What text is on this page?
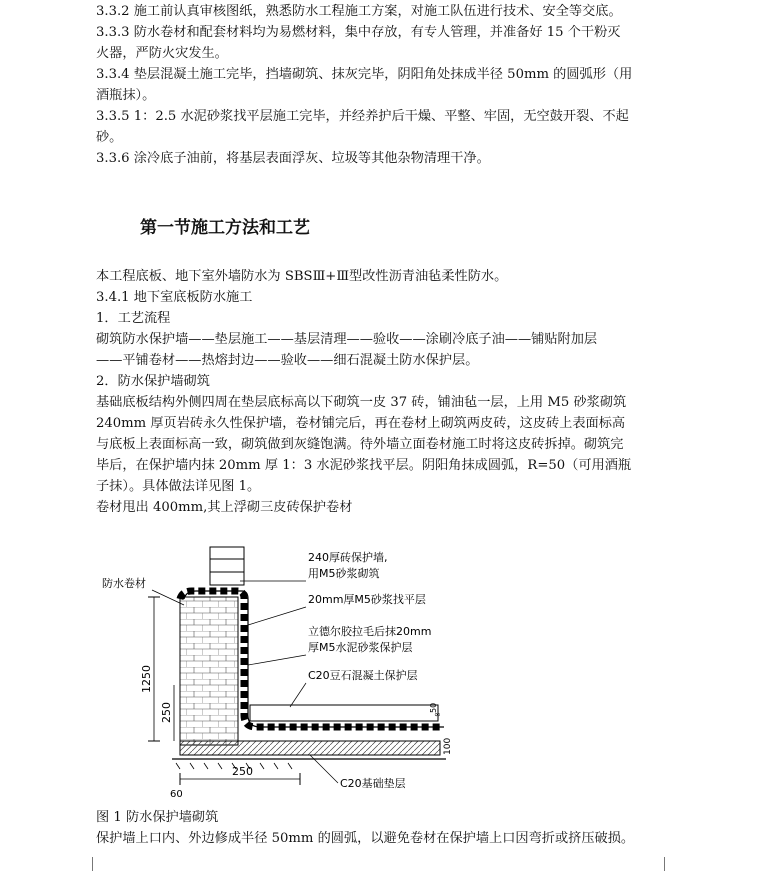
3.3.2 施工前认真审核图纸，熟悉防水工程施工方案，对施工队伍进行技术、安全等交底。
3.3.3 防水卷材和配套材料均为易燃材料，集中存放，有专人管理，并准备好 15 个干粉灭
火器，严防火灾发生。
3.3.4 垫层混凝土施工完毕，挡墙砌筑、抹灰完毕，阴阳角处抹成半径 50mm 的圆弧形（用
酒瓶抹）。
3.3.5 1：2.5 水泥砂浆找平层施工完毕，并经养护后干燥、平整、牢固，无空鼓开裂、不起
砂。
3.3.6 涂冷底子油前，将基层表面浮灰、垃圾等其他杂物清理干净。
第一节施工方法和工艺
本工程底板、地下室外墙防水为 SBSⅢ+Ⅲ型改性沥青油毡柔性防水。
3.4.1 地下室底板防水施工
1．工艺流程
砌筑防水保护墙——垫层施工——基层清理——验收——涂刷冷底子油——铺贴附加层
——平铺卷材——热熔封边——验收——细石混凝土防水保护层。
2．防水保护墙砌筑
基础底板结构外侧四周在垫层底标高以下砌筑一皮 37 砖，铺油毡一层，上用 M5 砂浆砌筑
240mm 厚页岩砖永久性保护墙，卷材铺完后，再在卷材上砌筑两皮砖，这皮砖上表面标高
与底板上表面标高一致，砌筑做到灰缝饱满。待外墙立面卷材施工时将这皮砖拆掉。砌筑完
毕后，在保护墙内抹 20mm 厚 1：3 水泥砂浆找平层。阴阳角抹成圆弧，R=50（可用酒瓶
子抹）。具体做法详见图 1。
卷材甩出 400mm,其上浮砌三皮砖保护卷材
∞
1250
250
250
60
50
100
240厚砖保护墙,
用M5砂浆砌筑
防水卷材
20mm厚M5砂浆找平层
立德尔胶拉毛后抹20mm
厚M5水泥砂浆保护层
C20豆石混凝土保护层
C20基础垫层
图 1 防水保护墙砌筑
保护墙上口内、外边修成半径 50mm 的圆弧，以避免卷材在保护墙上口因弯折或挤压破损。
